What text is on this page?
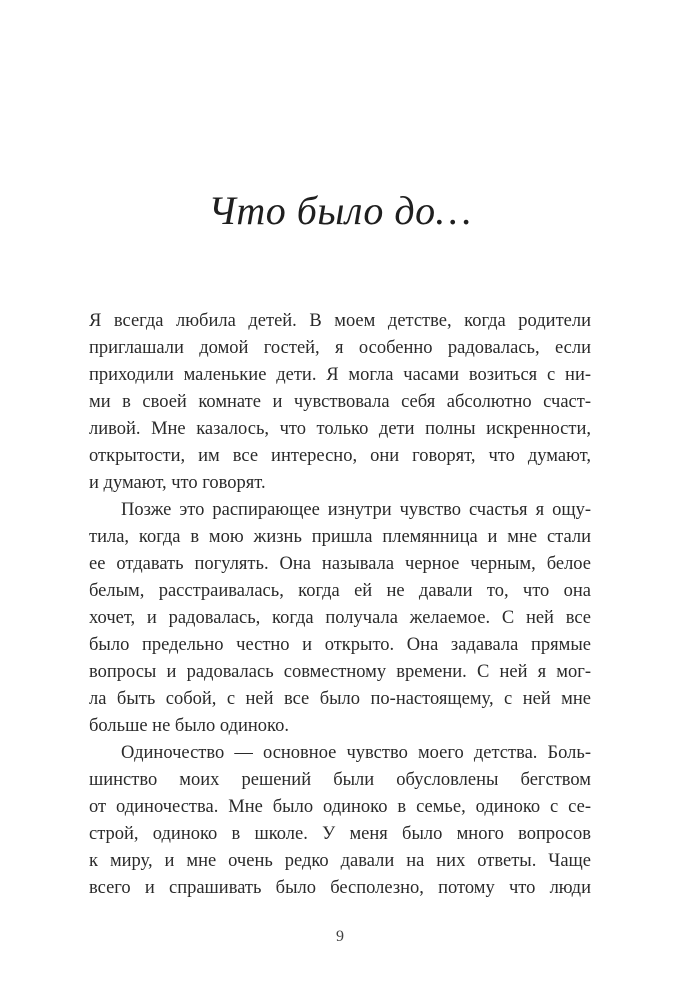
Что было до…
Я всегда любила детей. В моем детстве, когда родители
приглашали домой гостей, я особенно радовалась, если
приходили маленькие дети. Я могла часами возиться с ни-
ми в своей комнате и чувствовала себя абсолютно счаст-
ливой. Мне казалось, что только дети полны искренности,
открытости, им все интересно, они говорят, что думают,
и думают, что говорят.
Позже это распирающее изнутри чувство счастья я ощу-
тила, когда в мою жизнь пришла племянница и мне стали
ее отдавать погулять. Она называла черное черным, белое
белым, расстраивалась, когда ей не давали то, что она
хочет, и радовалась, когда получала желаемое. С ней все
было предельно честно и открыто. Она задавала прямые
вопросы и радовалась совместному времени. С ней я мог-
ла быть собой, с ней все было по-настоящему, с ней мне
больше не было одиноко.
Одиночество — основное чувство моего детства. Боль-
шинство моих решений были обусловлены бегством
от одиночества. Мне было одиноко в семье, одиноко с се-
строй, одиноко в школе. У меня было много вопросов
к миру, и мне очень редко давали на них ответы. Чаще
всего и спрашивать было бесполезно, потому что люди
9
